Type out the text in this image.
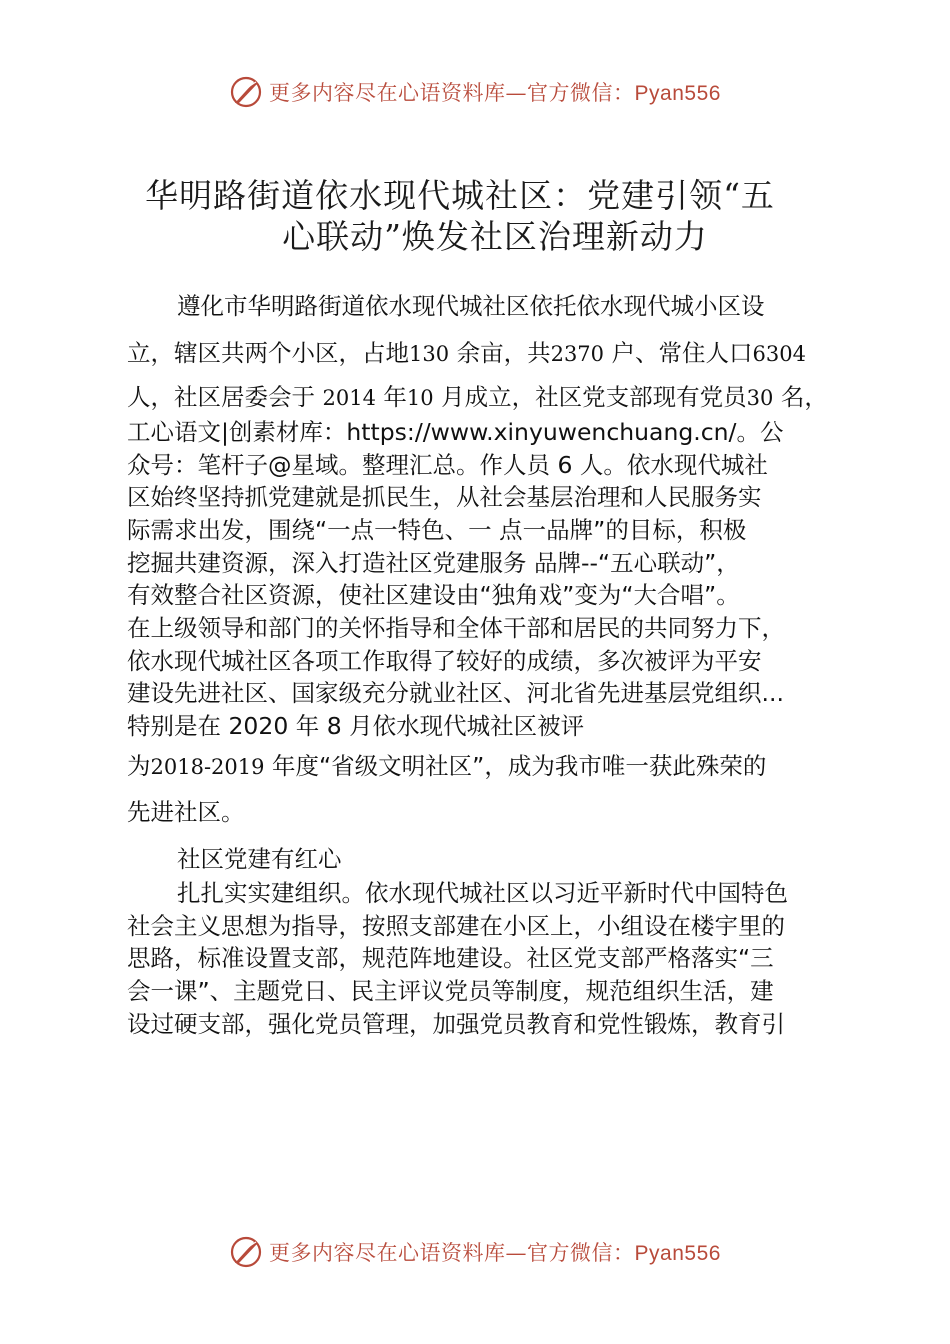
更多内容尽在心语资料库—官方微信：Pyan556
华明路街道依水现代城社区：党建引领“五
心联动”焕发社区治理新动力
遵化市华明路街道依水现代城社区依托依水现代城小区设
立，辖区共两个小区，占地130 余亩，共2370 户、常住人口6304
人，社区居委会于 2014 年10 月成立，社区党支部现有党员30 名，
工心语文|创素材库：https://www.xinyuwenchuang.cn/。公
众号：笔杆子@星域。整理汇总。作人员 6 人。依水现代城社
区始终坚持抓党建就是抓民生，从社会基层治理和人民服务实
际需求出发，围绕“一点一特色、一 点一品牌”的目标，积极
挖掘共建资源，深入打造社区党建服务 品牌--“五心联动”，
有效整合社区资源，使社区建设由“独角戏”变为“大合唱”。
在上级领导和部门的关怀指导和全体干部和居民的共同努力下，
依水现代城社区各项工作取得了较好的成绩，多次被评为平安
建设先进社区、国家级充分就业社区、河北省先进基层党组织...
特别是在 2020 年 8 月依水现代城社区被评
为2018-2019 年度“省级文明社区”，成为我市唯一获此殊荣的
先进社区。
社区党建有红心
扎扎实实建组织。依水现代城社区以习近平新时代中国特色
社会主义思想为指导，按照支部建在小区上，小组设在楼宇里的
思路，标准设置支部，规范阵地建设。社区党支部严格落实“三
会一课”、主题党日、民主评议党员等制度，规范组织生活，建
设过硬支部，强化党员管理，加强党员教育和党性锻炼，教育引
更多内容尽在心语资料库—官方微信：Pyan556
